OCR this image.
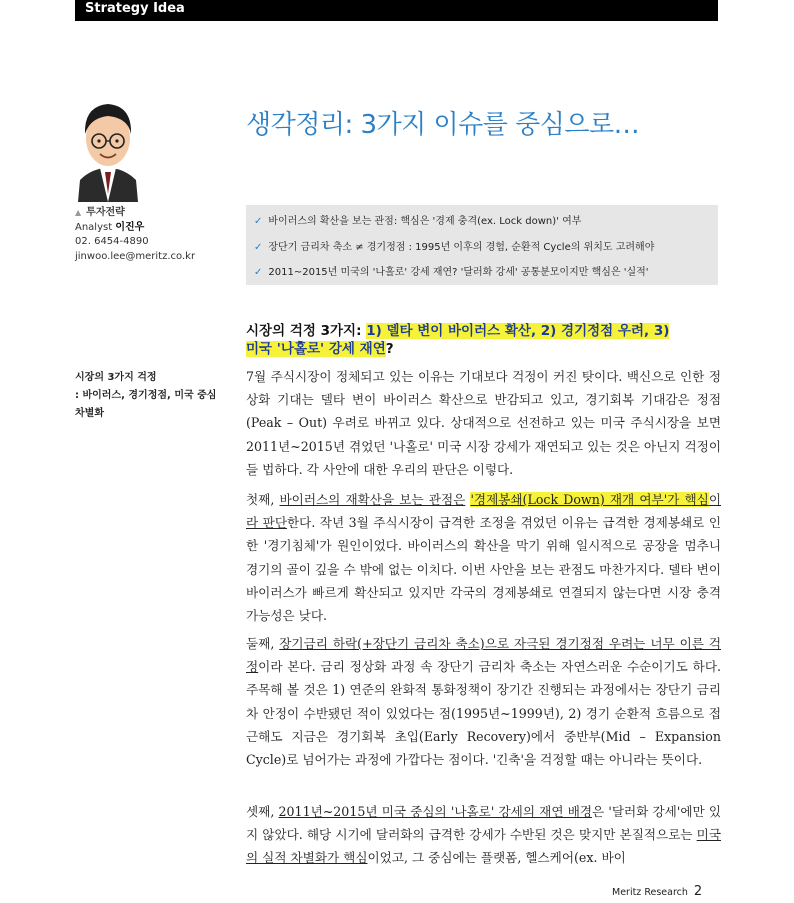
Strategy Idea
▲ 투자전략
Analyst 이진우
02. 6454-4890
jinwoo.lee@meritz.co.kr
생각정리: 3가지 이슈를 중심으로…
✓ 바이러스의 확산을 보는 관점: 핵심은 '경제 충격(ex. Lock down)' 여부
✓ 장단기 금리차 축소 ≠ 경기정점 : 1995년 이후의 경험, 순환적 Cycle의 위치도 고려해야
✓ 2011~2015년 미국의 '나홀로' 강세 재연? '달러화 강세' 공통분모이지만 핵심은 '실적'
시장의 3가지 걱정
: 바이러스, 경기정점, 미국 중심
차별화
시장의 걱정 3가지: 1) 델타 변이 바이러스 확산, 2) 경기정점 우려, 3)
미국 '나홀로' 강세 재연?
7월 주식시장이 정체되고 있는 이유는 기대보다 걱정이 커진 탓이다. 백신으로 인한 정상화 기대는 델타 변이 바이러스 확산으로 반감되고 있고, 경기회복 기대감은 정점(Peak – Out) 우려로 바뀌고 있다. 상대적으로 선전하고 있는 미국 주식시장을 보면 2011년~2015년 겪었던 '나홀로' 미국 시장 강세가 재연되고 있는 것은 아닌지 걱정이 들 법하다. 각 사안에 대한 우리의 판단은 이렇다.
첫째, 바이러스의 재확산을 보는 관점은 '경제봉쇄(Lock Down) 재개 여부'가 핵심이라 판단한다. 작년 3월 주식시장이 급격한 조정을 겪었던 이유는 급격한 경제봉쇄로 인한 '경기침체'가 원인이었다. 바이러스의 확산을 막기 위해 일시적으로 공장을 멈추니 경기의 골이 깊을 수 밖에 없는 이치다. 이번 사안을 보는 관점도 마찬가지다. 델타 변이 바이러스가 빠르게 확산되고 있지만 각국의 경제봉쇄로 연결되지 않는다면 시장 충격 가능성은 낮다.
둘째, 장기금리 하락(+장단기 금리차 축소)으로 자극된 경기정점 우려는 너무 이른 걱정이라 본다. 금리 정상화 과정 속 장단기 금리차 축소는 자연스러운 수순이기도 하다. 주목해 볼 것은 1) 연준의 완화적 통화정책이 장기간 진행되는 과정에서는 장단기 금리차 안정이 수반됐던 적이 있었다는 점(1995년~1999년), 2) 경기 순환적 흐름으로 접근해도 지금은 경기회복 초입(Early Recovery)에서 중반부(Mid – Expansion Cycle)로 넘어가는 과정에 가깝다는 점이다. '긴축'을 걱정할 때는 아니라는 뜻이다.
셋째, 2011년~2015년 미국 중심의 '나홀로' 강세의 재연 배경은 '달러화 강세'에만 있지 않았다. 해당 시기에 달러화의 급격한 강세가 수반된 것은 맞지만 본질적으로는 미국의 실적 차별화가 핵심이었고, 그 중심에는 플랫폼, 헬스케어(ex. 바이
Meritz Research 2
